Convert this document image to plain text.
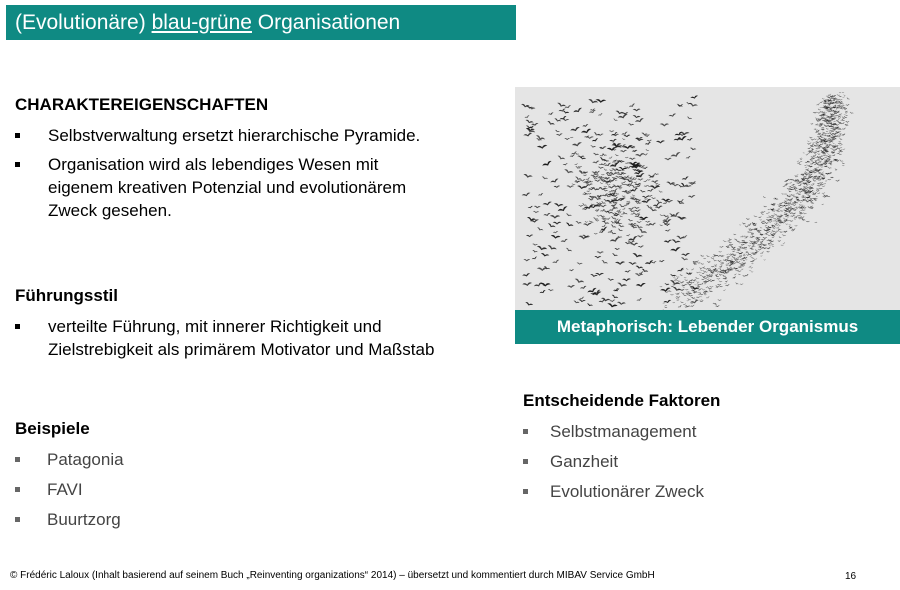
(Evolutionäre) blau-grüne Organisationen
CHARAKTEREIGENSCHAFTEN
Selbstverwaltung ersetzt hierarchische Pyramide.
Organisation wird als lebendiges Wesen mit eigenem kreativen Potenzial und evolutionärem Zweck gesehen.
Führungsstil
verteilte Führung, mit innerer Richtigkeit und Zielstrebigkeit als primärem Motivator und Maßstab
Beispiele
Patagonia
FAVI
Buurtzorg
Metaphorisch: Lebender Organismus
Entscheidende Faktoren
Selbstmanagement
Ganzheit
Evolutionärer Zweck
© Frédéric Laloux (Inhalt basierend auf seinem Buch „Reinventing organizations“ 2014) – übersetzt und kommentiert durch MIBAV Service GmbH	16
